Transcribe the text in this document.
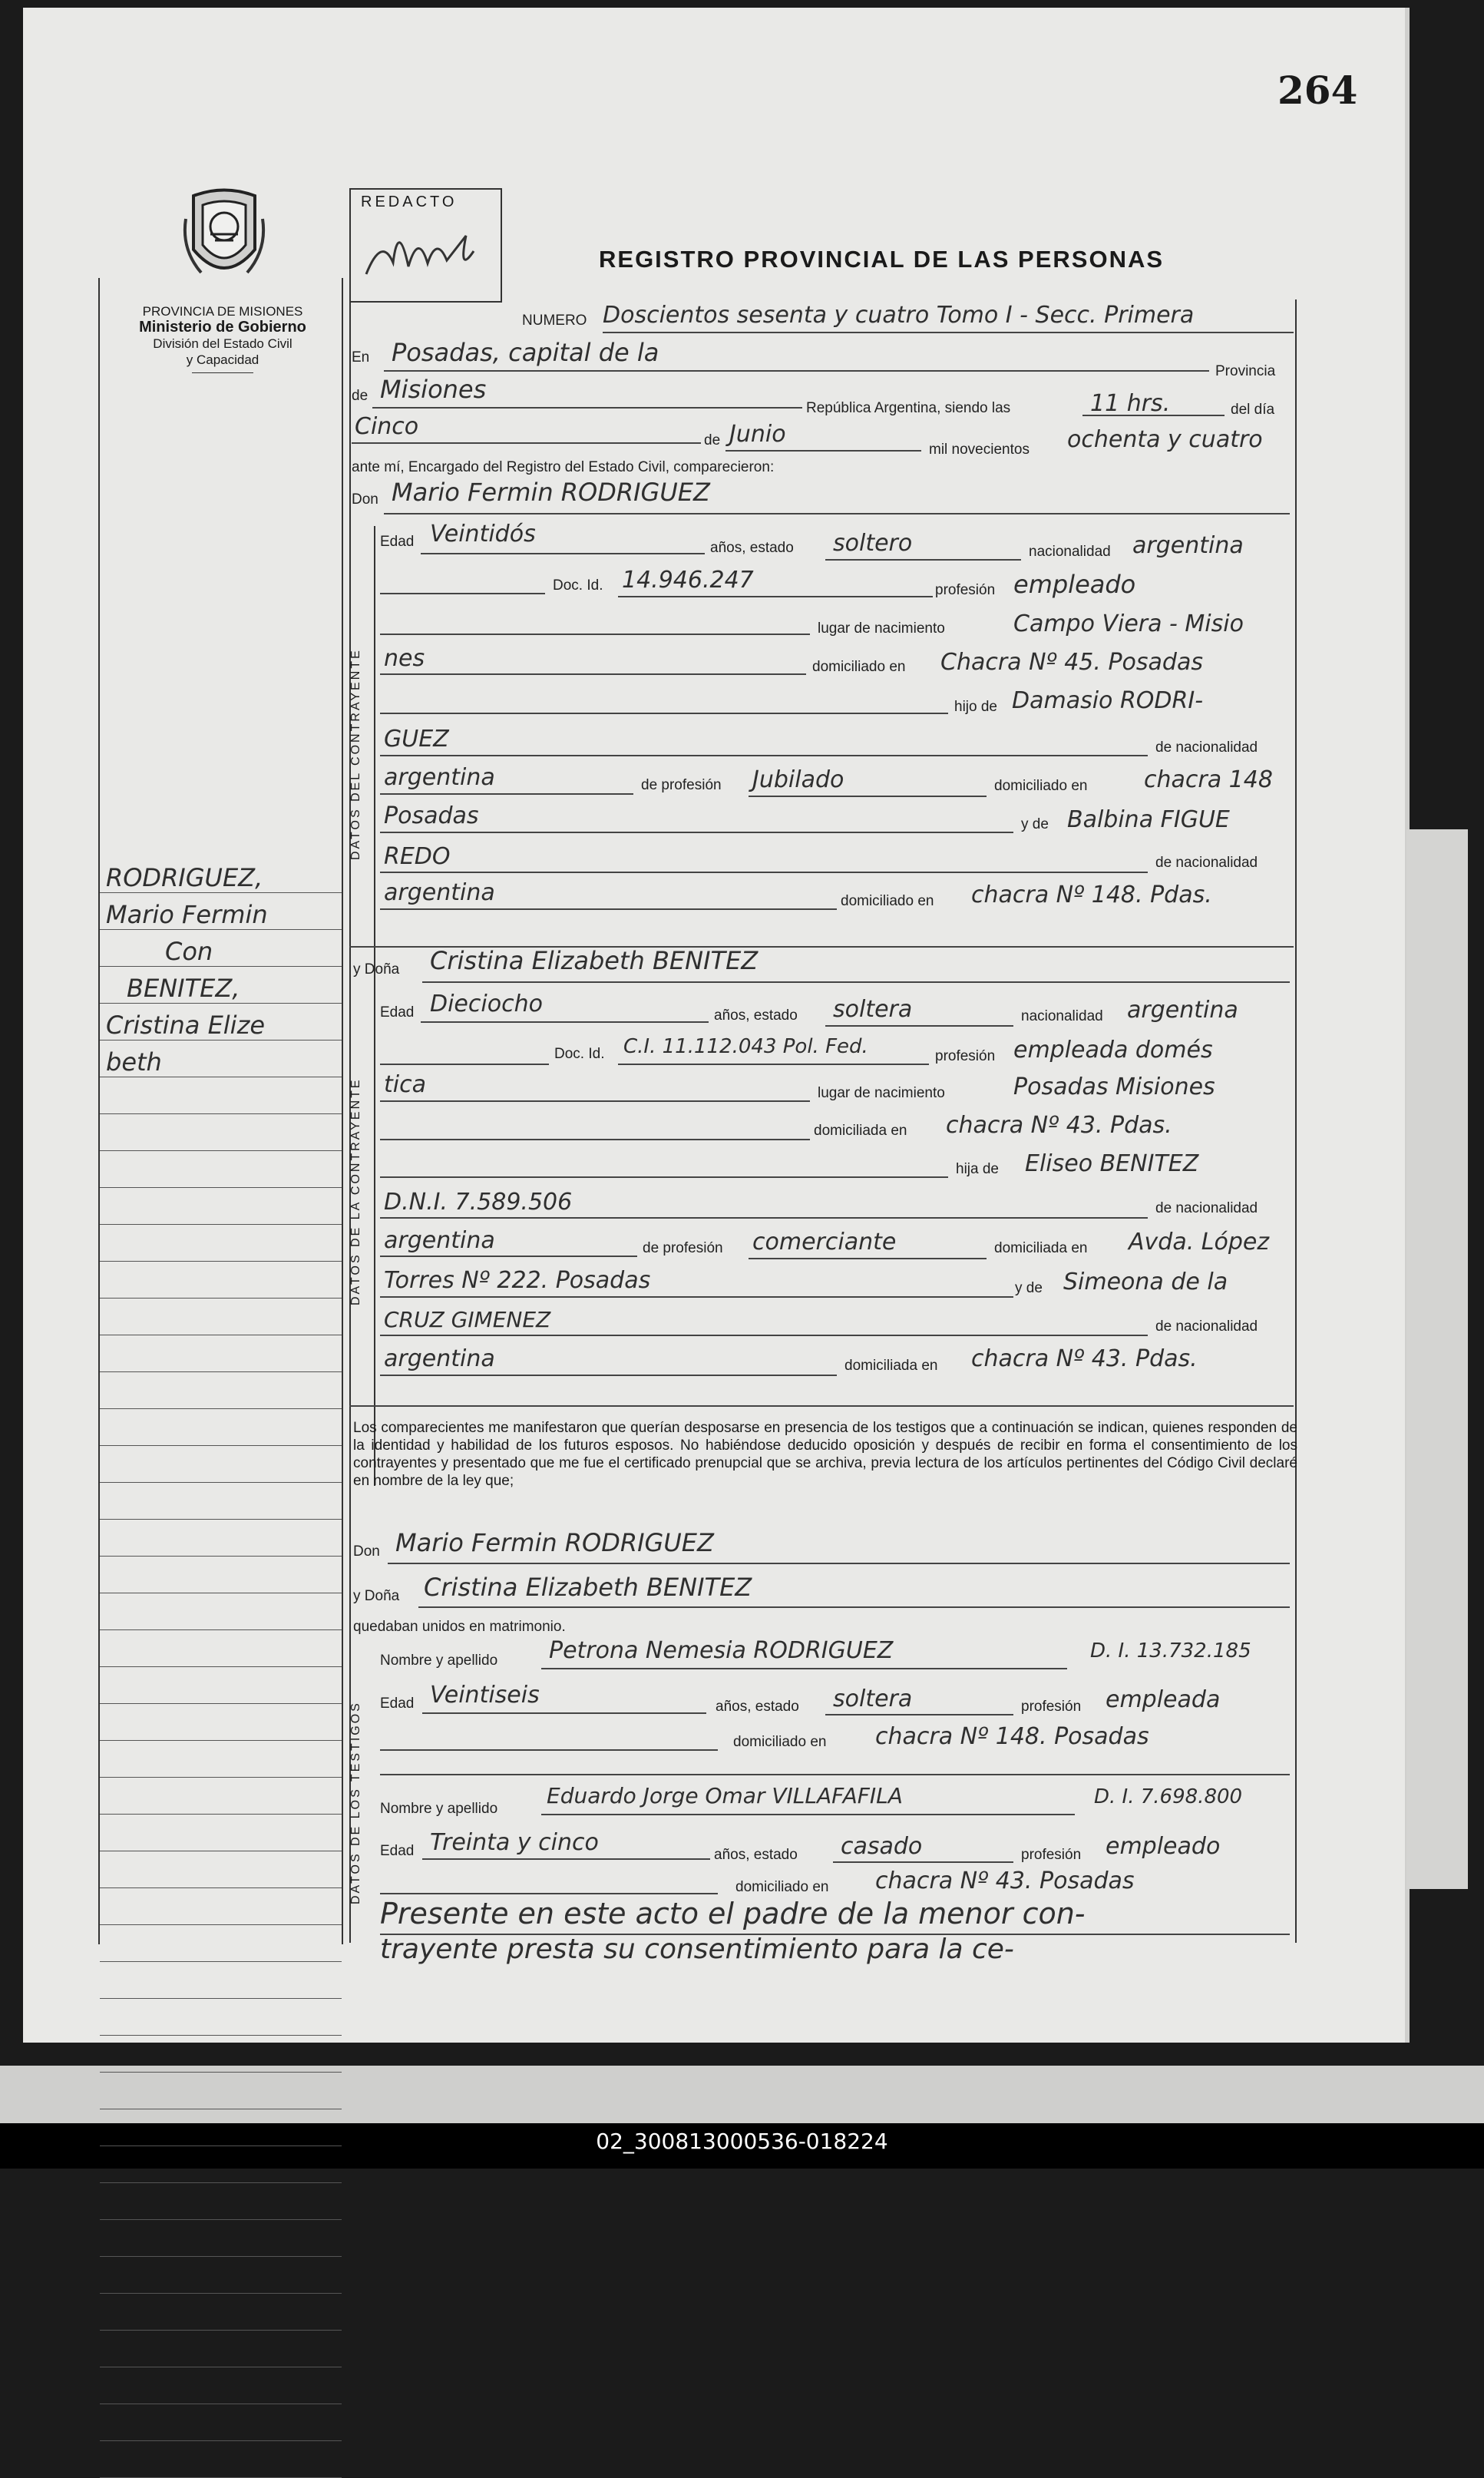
02_300813000536-018224
264
PROVINCIA DE MISIONES
Ministerio de Gobierno
División del Estado Civil
y Capacidad
REDACTO
REGISTRO PROVINCIAL DE LAS PERSONAS
RODRIGUEZ,
Mario Fermin
Con
BENITEZ,
Cristina Elize
beth
NUMERO Doscientos sesenta y cuatro Tomo I - Secc. Primera
En Posadas, capital de la
Provincia
de Misiones
República Argentina, siendo las	11 hrs.	del día
Cinco
de Junio
mil novecientos ochenta y cuatro
ante mí, Encargado del Registro del Estado Civil, comparecieron:
Don Mario Fermin RODRIGUEZ
DATOS DEL CONTRAYENTE
Edad Veintidós
años, estado soltero	nacionalidad argentina
Doc. Id. 14.946.247	profesión empleado
lugar de nacimiento	Campo Viera - Misio
nes	domiciliado en Chacra Nº 45. Posadas
hijo de Damasio RODRI-
GUEZ	de nacionalidad
argentina	de profesión Jubilado	domiciliado en chacra 148
Posadas	y de Balbina FIGUE
REDO	de nacionalidad
argentina	domiciliado en chacra Nº 148. Pdas.
y Doña Cristina Elizabeth BENITEZ
DATOS DE LA CONTRAYENTE
Edad Dieciocho	años, estado soltera	nacionalidad argentina
Doc. Id. C.I. 11.112.043 Pol. Fed.	profesión empleada domés
tica	lugar de nacimiento	Posadas Misiones
domiciliada en chacra Nº 43. Pdas.
hija de Eliseo BENITEZ
D.N.I. 7.589.506	de nacionalidad
argentina	de profesión comerciante	domiciliada en Avda. López
Torres Nº 222. Posadas	y de Simeona de la
CRUZ GIMENEZ	de nacionalidad
argentina	domiciliada en chacra Nº 43. Pdas.
Los comparecientes me manifestaron que querían desposarse en presencia de los testigos que a continuación se indican, quienes responden de la identidad y habilidad de los futuros esposos. No habiéndose deducido oposición y después de recibir en forma el consentimiento de los contrayentes y presentado que me fue el certificado prenupcial que se archiva, previa lectura de los artículos pertinentes del Código Civil declaré en nombre de la ley que;
Don Mario Fermin RODRIGUEZ
y Doña Cristina Elizabeth BENITEZ
quedaban unidos en matrimonio.
DATOS DE LOS TESTIGOS
Nombre y apellido Petrona Nemesia RODRIGUEZ	D. I. 13.732.185
Edad Veintiseis	años, estado soltera	profesión empleada
domiciliado en chacra Nº 148. Posadas
Nombre y apellido
Eduardo Jorge Omar VILLAFAFILA	D. I. 7.698.800
Edad Treinta y cinco	años, estado casado	profesión empleado
domiciliado en chacra Nº 43. Posadas
Presente en este acto el padre de la menor con-
trayente presta su consentimiento para la ce-
